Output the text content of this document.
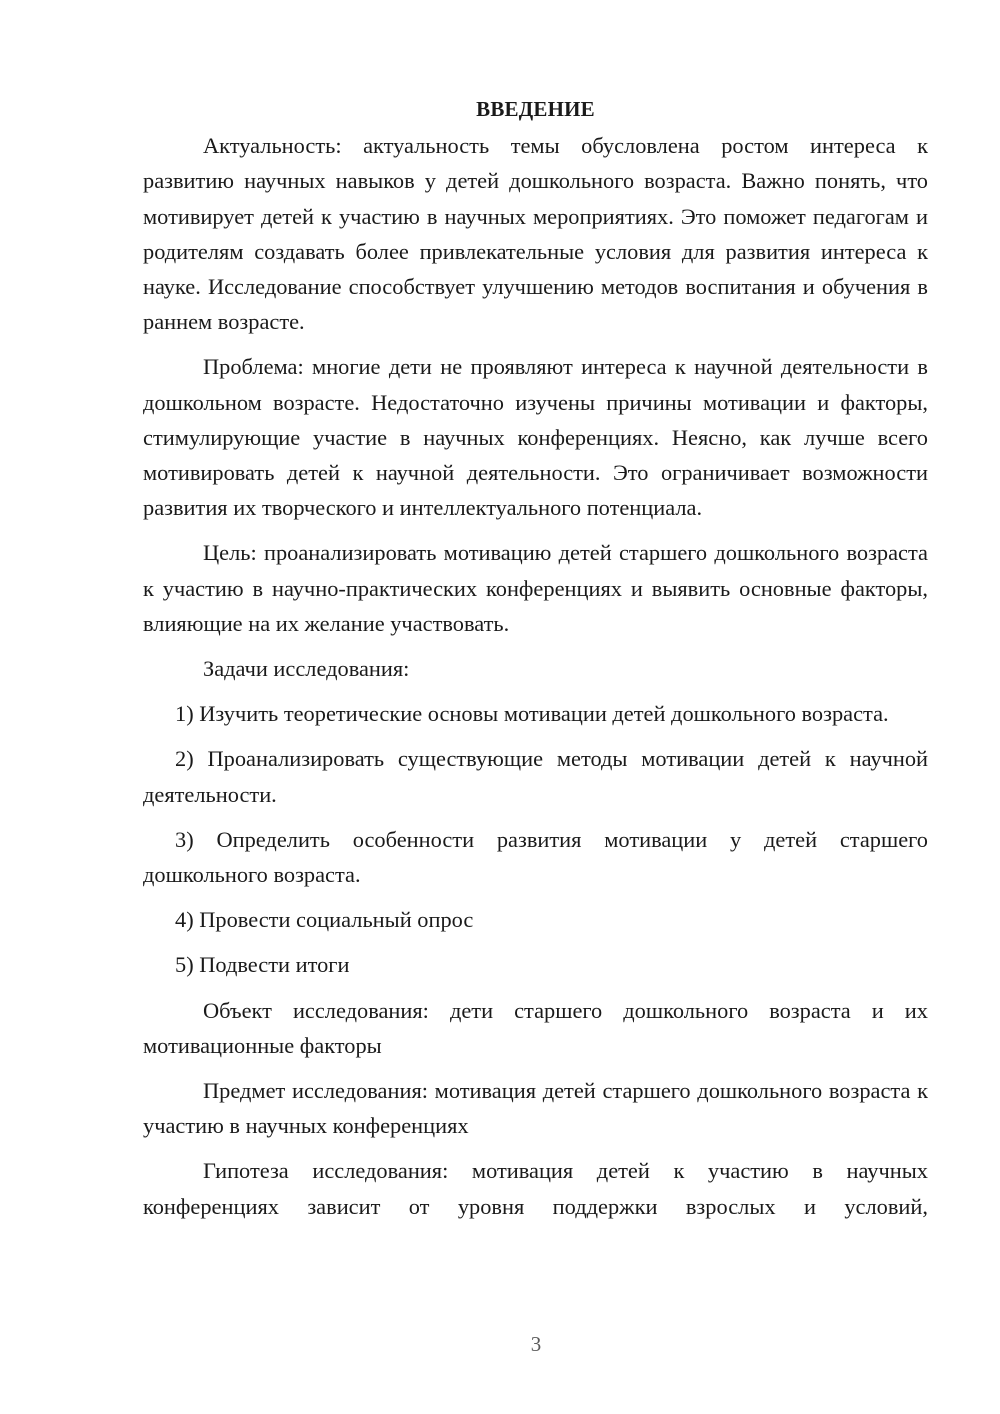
ВВЕДЕНИЕ

Актуальность: актуальность темы обусловлена ростом интереса к развитию научных навыков у детей дошкольного возраста. Важно понять, что мотивирует детей к участию в научных мероприятиях. Это поможет педагогам и родителям создавать более привлекательные условия для развития интереса к науке. Исследование способствует улучшению методов воспитания и обучения в раннем возрасте.

Проблема: многие дети не проявляют интереса к научной деятельности в дошкольном возрасте. Недостаточно изучены причины мотивации и факторы, стимулирующие участие в научных конференциях. Неясно, как лучше всего мотивировать детей к научной деятельности. Это ограничивает возможности развития их творческого и интеллектуального потенциала.

Цель: проанализировать мотивацию детей старшего дошкольного возраста к участию в научно-практических конференциях и выявить основные факторы, влияющие на их желание участвовать.

Задачи исследования:

1) Изучить теоретические основы мотивации детей дошкольного возраста.

2) Проанализировать существующие методы мотивации детей к научной деятельности.

3) Определить особенности развития мотивации у детей старшего дошкольного возраста.

4) Провести социальный опрос

5) Подвести итоги

Объект исследования: дети старшего дошкольного возраста и их мотивационные факторы

Предмет исследования: мотивация детей старшего дошкольного возраста к участию в научных конференциях

Гипотеза исследования: мотивация детей к участию в научных конференциях зависит от уровня поддержки взрослых и условий,

3
